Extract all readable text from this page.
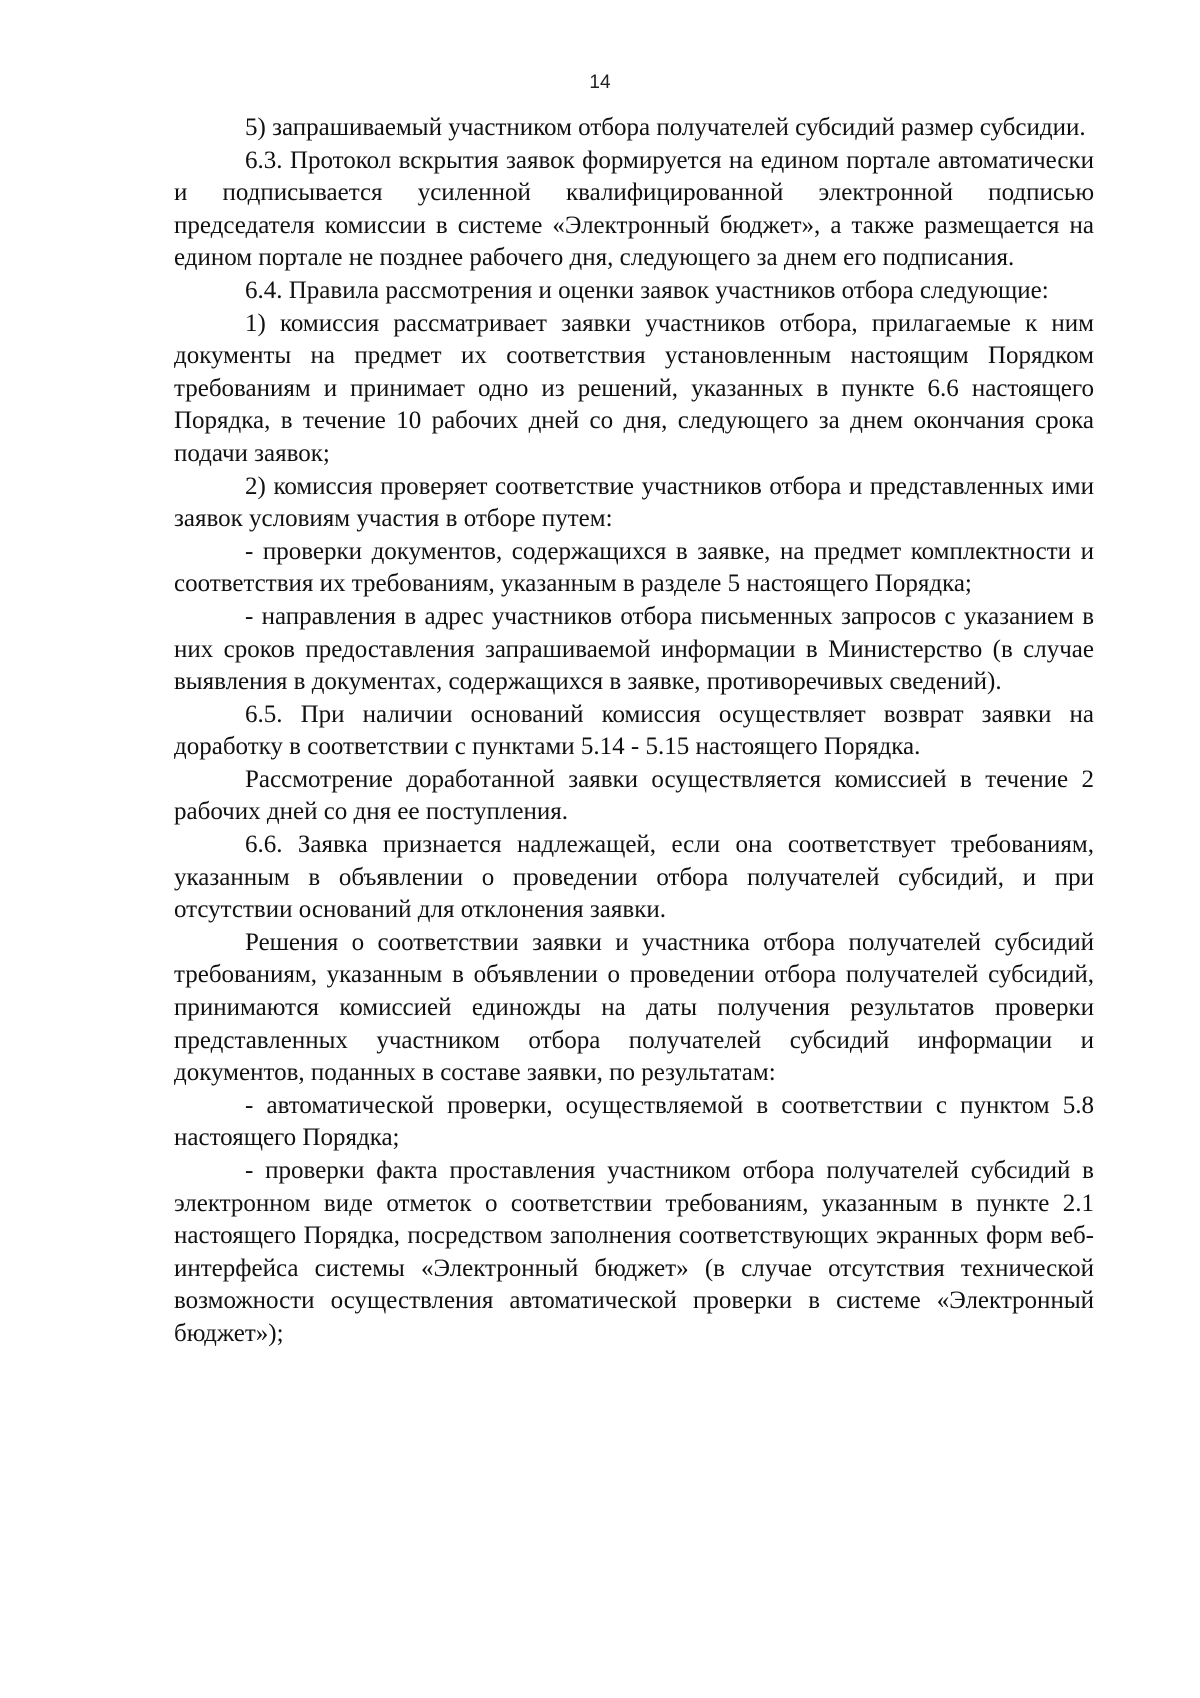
14

5) запрашиваемый участником отбора получателей субсидий размер субсидии.

6.3. Протокол вскрытия заявок формируется на едином портале автоматически и подписывается усиленной квалифицированной электронной подписью председателя комиссии в системе «Электронный бюджет», а также размещается на едином портале не позднее рабочего дня, следующего за днем его подписания.

6.4. Правила рассмотрения и оценки заявок участников отбора следующие:

1) комиссия рассматривает заявки участников отбора, прилагаемые к ним документы на предмет их соответствия установленным настоящим Порядком требованиям и принимает одно из решений, указанных в пункте 6.6 настоящего Порядка, в течение 10 рабочих дней со дня, следующего за днем окончания срока подачи заявок;

2) комиссия проверяет соответствие участников отбора и представленных ими заявок условиям участия в отборе путем:

- проверки документов, содержащихся в заявке, на предмет комплектности и соответствия их требованиям, указанным в разделе 5 настоящего Порядка;

- направления в адрес участников отбора письменных запросов с указанием в них сроков предоставления запрашиваемой информации в Министерство (в случае выявления в документах, содержащихся в заявке, противоречивых сведений).

6.5. При наличии оснований комиссия осуществляет возврат заявки на доработку в соответствии с пунктами 5.14 - 5.15 настоящего Порядка.

Рассмотрение доработанной заявки осуществляется комиссией в течение 2 рабочих дней со дня ее поступления.

6.6. Заявка признается надлежащей, если она соответствует требованиям, указанным в объявлении о проведении отбора получателей субсидий, и при отсутствии оснований для отклонения заявки.

Решения о соответствии заявки и участника отбора получателей субсидий требованиям, указанным в объявлении о проведении отбора получателей субсидий, принимаются комиссией единожды на даты получения результатов проверки представленных участником отбора получателей субсидий информации и документов, поданных в составе заявки, по результатам:

- автоматической проверки, осуществляемой в соответствии с пунктом 5.8 настоящего Порядка;

- проверки факта проставления участником отбора получателей субсидий в электронном виде отметок о соответствии требованиям, указанным в пункте 2.1 настоящего Порядка, посредством заполнения соответствующих экранных форм веб-интерфейса системы «Электронный бюджет» (в случае отсутствия технической возможности осуществления автоматической проверки в системе «Электронный бюджет»);
